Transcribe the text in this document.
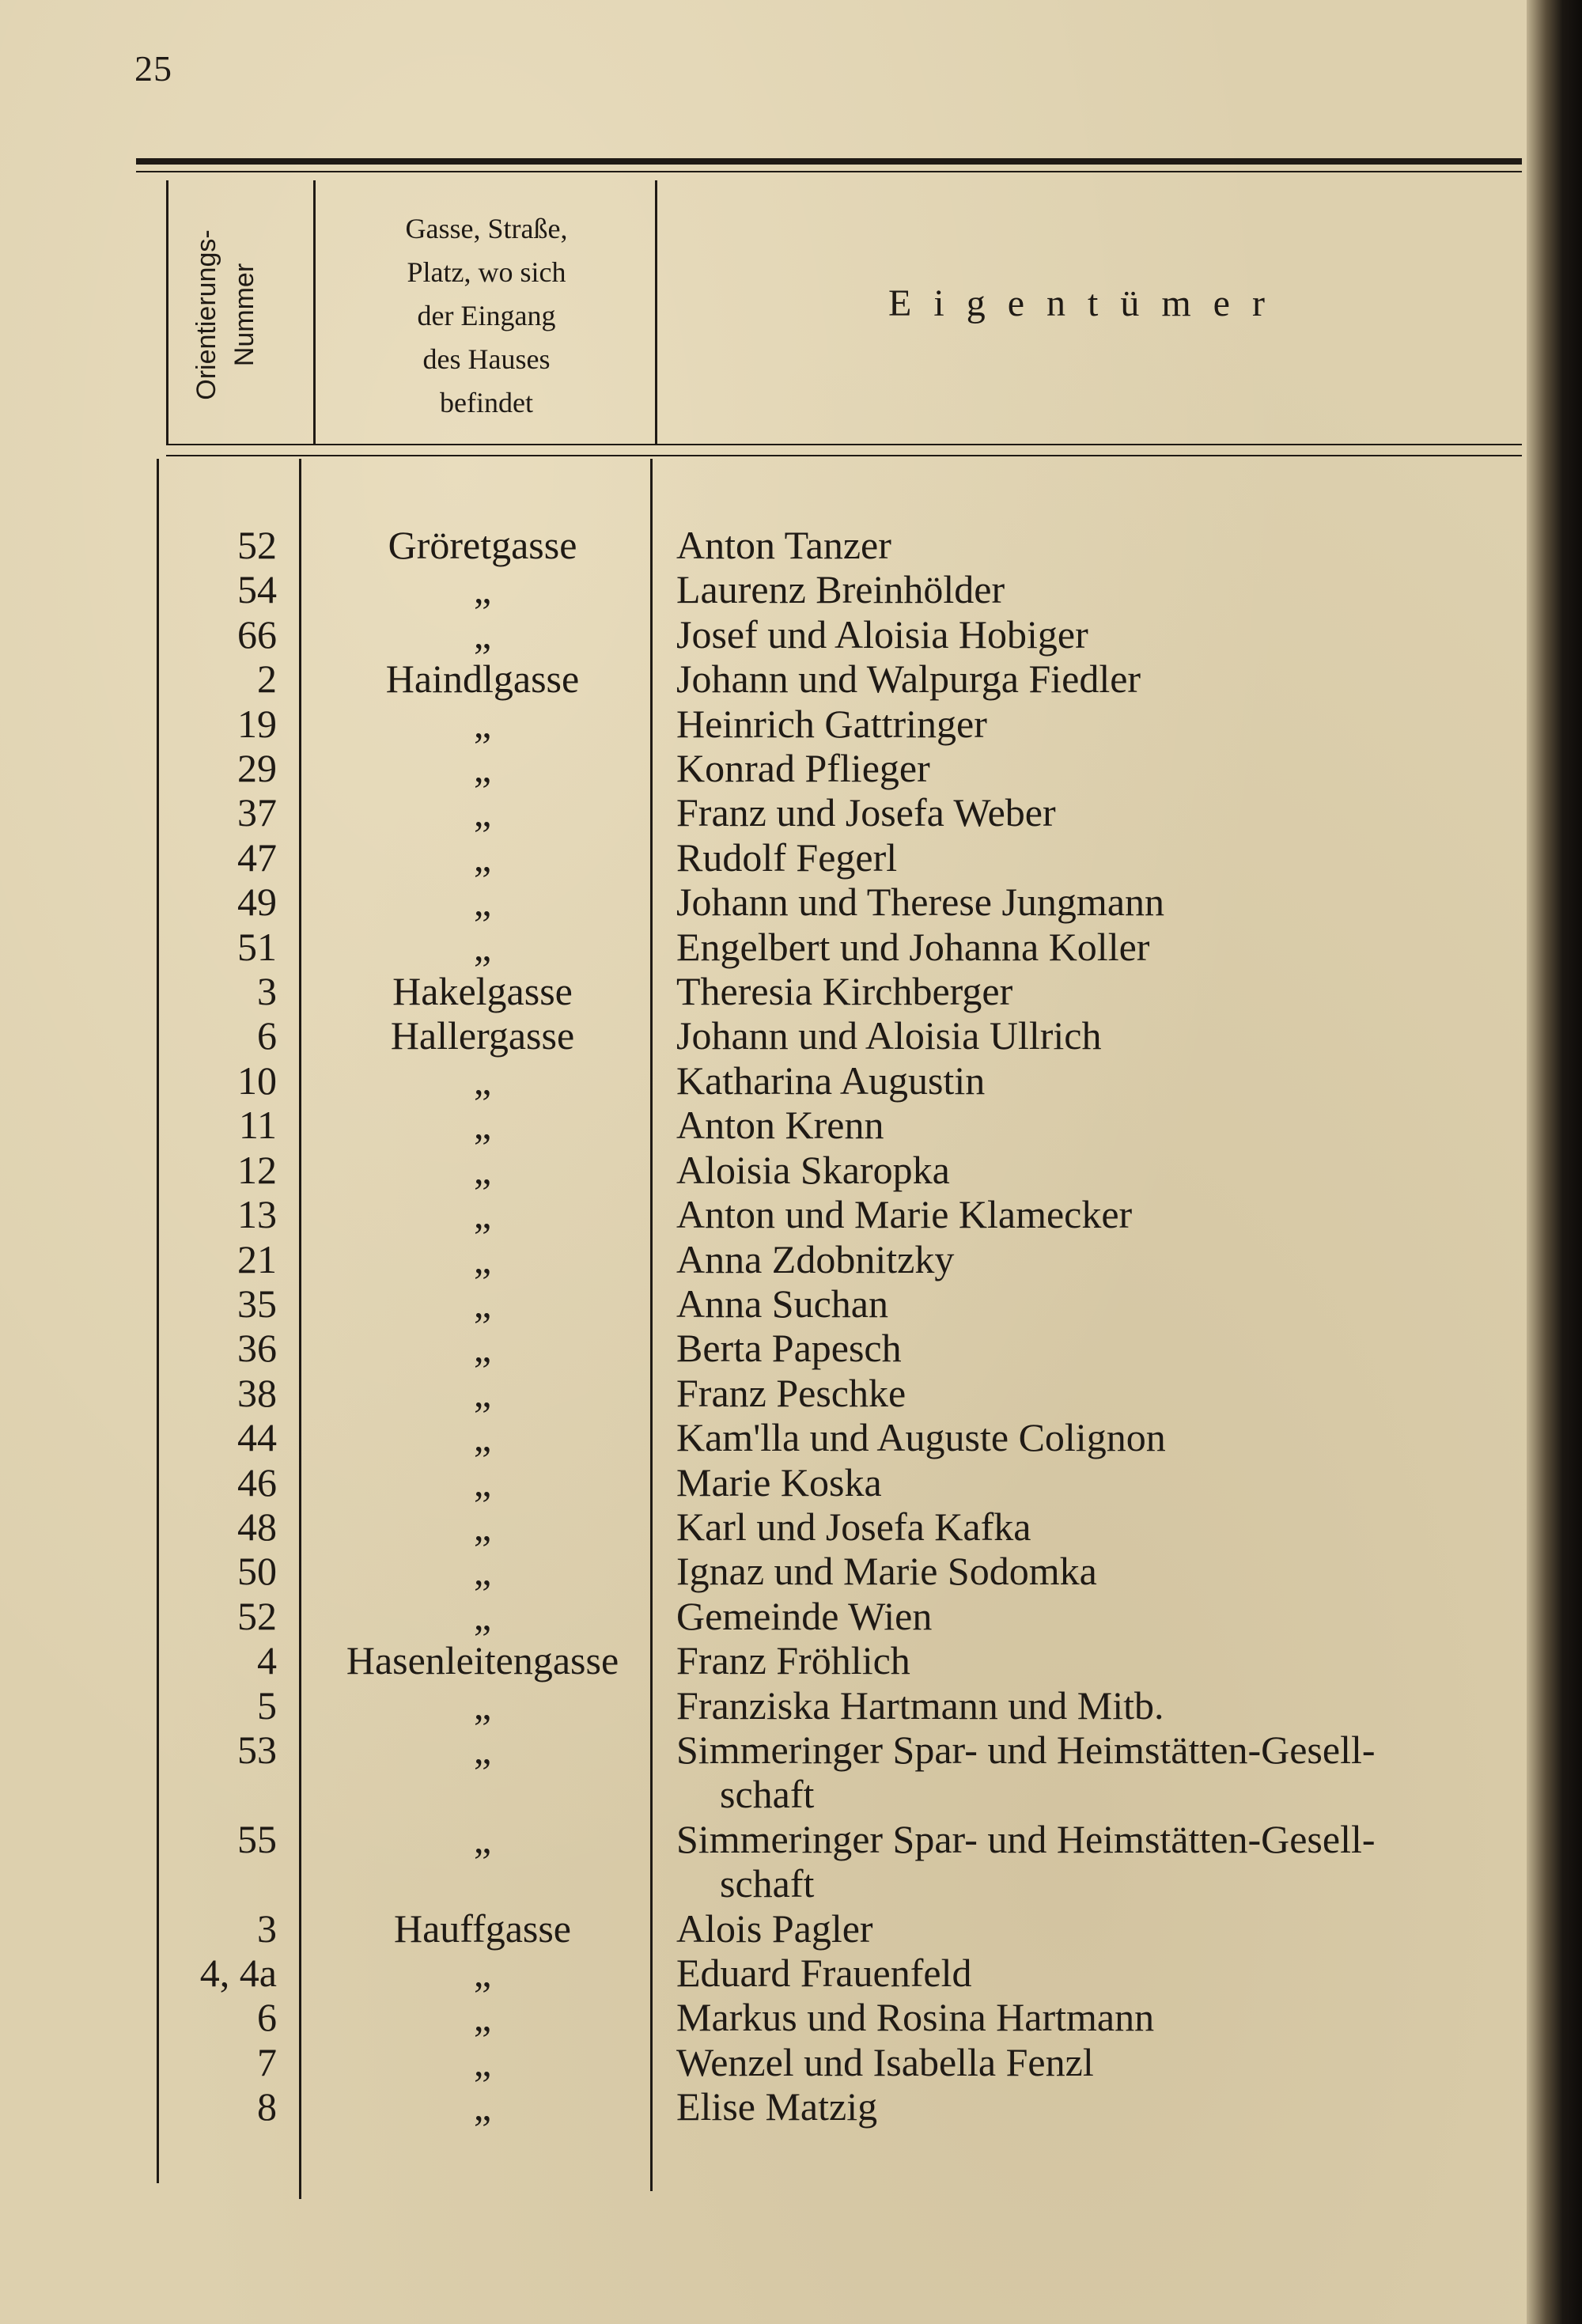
25
Orientierungs- Nummer
Gasse, Straße,
Platz, wo sich
der Eingang
des Hauses
befindet
Eigentümer
52	Gröretgasse	Anton Tanzer
54	„	Laurenz Breinhölder
66	„	Josef und Aloisia Hobiger
2	Haindlgasse	Johann und Walpurga Fiedler
19	„	Heinrich Gattringer
29	„	Konrad Pflieger
37	„	Franz und Josefa Weber
47	„	Rudolf Fegerl
49	„	Johann und Therese Jungmann
51	„	Engelbert und Johanna Koller
3	Hakelgasse	Theresia Kirchberger
6	Hallergasse	Johann und Aloisia Ullrich
10	„	Katharina Augustin
11	„	Anton Krenn
12	„	Aloisia Skaropka
13	„	Anton und Marie Klamecker
21	„	Anna Zdobnitzky
35	„	Anna Suchan
36	„	Berta Papesch
38	„	Franz Peschke
44	„	Kam'lla und Auguste Colignon
46	„	Marie Koska
48	„	Karl und Josefa Kafka
50	„	Ignaz und Marie Sodomka
52	„	Gemeinde Wien
4	Hasenleitengasse	Franz Fröhlich
5	„	Franziska Hartmann und Mitb.
53	„	Simmeringer Spar- und Heimstätten-Gesell-
schaft
55	„	Simmeringer Spar- und Heimstätten-Gesell-
schaft
3	Hauffgasse	Alois Pagler
4, 4a	„	Eduard Frauenfeld
6	„	Markus und Rosina Hartmann
7	„	Wenzel und Isabella Fenzl
8	„	Elise Matzig
